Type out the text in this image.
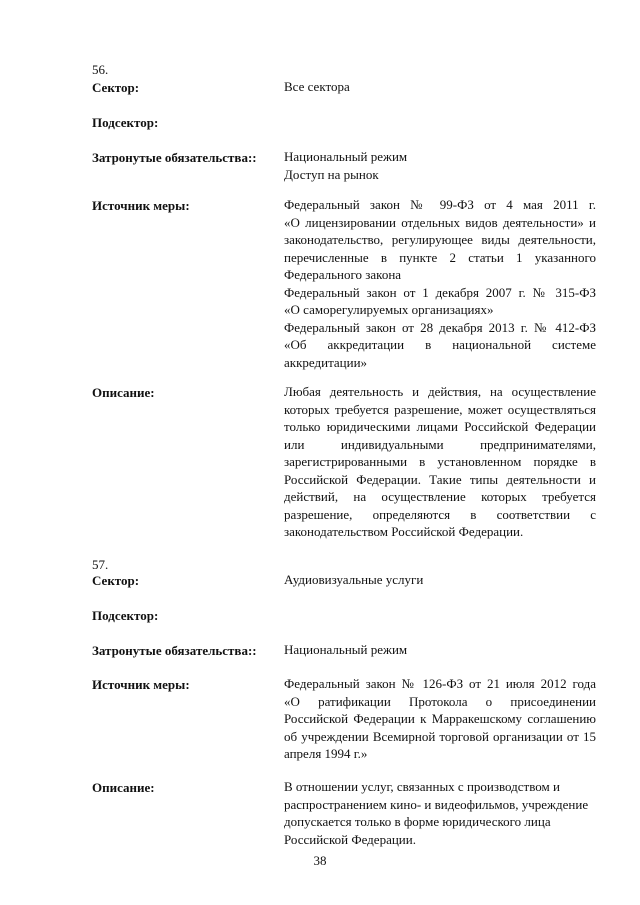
56.
Сектор:	Все сектора
Подсектор:
Затронутые обязательства:: Национальный режим
Доступ на рынок
Источник меры:	Федеральный закон № 99-ФЗ от 4 мая 2011 г.
«О лицензировании отдельных видов деятельности» и
законодательство, регулирующее виды деятельности,
перечисленные в пункте 2 статьи 1 указанного
Федерального закона
Федеральный закон от 1 декабря 2007 г. № 315-ФЗ
«О саморегулируемых организациях»
Федеральный закон от 28 декабря 2013 г. № 412-ФЗ
«Об аккредитации в национальной системе
аккредитации»
Описание:	Любая деятельность и действия, на осуществление
которых требуется разрешение, может осуществляться
только юридическими лицами Российской Федерации
или индивидуальными предпринимателями,
зарегистрированными в установленном порядке в
Российской Федерации. Такие типы деятельности и
действий, на осуществление которых требуется
разрешение, определяются в соответствии с
законодательством Российской Федерации.
57.
Сектор:	Аудиовизуальные услуги
Подсектор:
Затронутые обязательства:: Национальный режим
Источник меры:	Федеральный закон № 126-ФЗ от 21 июля 2012 года
«О ратификации Протокола о присоединении
Российской Федерации к Марракешскому соглашению
об учреждении Всемирной торговой организации от 15
апреля 1994 г.»
Описание:	В отношении услуг, связанных с производством и
распространением кино- и видеофильмов, учреждение
допускается только в форме юридического лица
Российской Федерации.
38
